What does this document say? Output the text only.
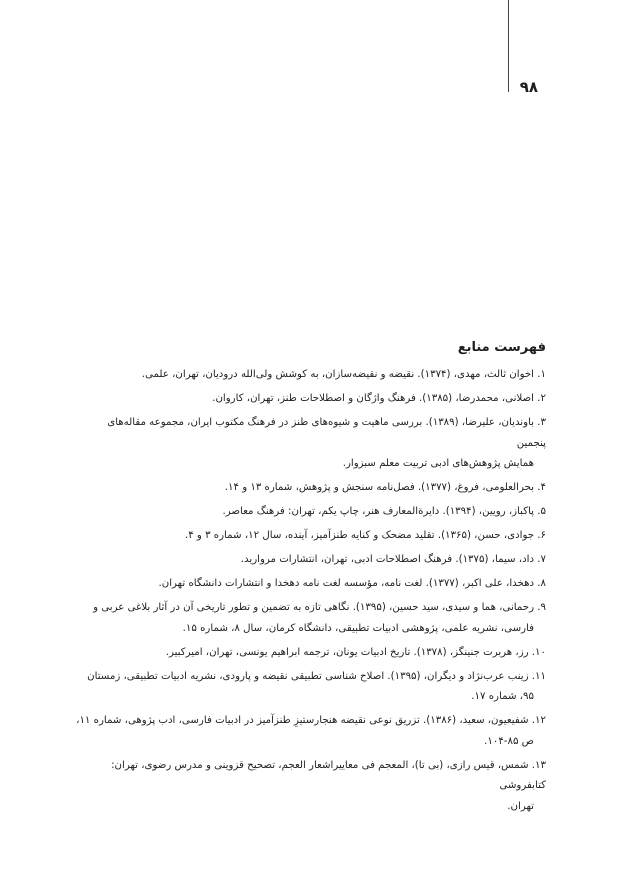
۹۸
فهرست منابع
۱. اخوان ثالث، مهدی، (۱۳۷۴). نقیضه و نقیضه‌سازان، به کوشش ولی‌الله درودیان، تهران، علمی.
۲. اصلانی، محمدرضا، (۱۳۸۵). فرهنگ واژگان و اصطلاحات طنز، تهران، کاروان.
۳. باوندیان، علیرضا، (۱۳۸۹). بررسی ماهیت و شیوه‌های طنز در فرهنگ مکتوب ایران، مجموعه مقاله‌های پنجمین
همایش پژوهش‌های ادبی تربیت معلم سبزوار.
۴. بحرالعلومی، فروغ، (۱۳۷۷). فصل‌نامه سنجش و پژوهش، شماره ۱۳ و ۱۴.
۵. پاکباز، رویین، (۱۳۹۴). دایرةالمعارف هنر، چاپ یکم، تهران: فرهنگ معاصر.
۶. جوادی، حسن، (۱۳۶۵). تقلید مضحک و کنایه طنزآمیز، آینده، سال ۱۲، شماره ۳ و ۴.
۷. داد، سیما، (۱۳۷۵). فرهنگ اصطلاحات ادبی، تهران، انتشارات مروارید.
۸. دهخدا، علی اکبر، (۱۳۷۷). لغت نامه، مؤسسه لغت نامه دهخدا و انتشارات دانشگاه تهران.
۹. رحمانی، هما و سیدی، سید حسین، (۱۳۹۵). نگاهی تازه به تضمین و تطور تاریخی آن در آثار بلاغی عربی و
فارسی، نشریه علمی، پژوهشی ادبیات تطبیقی، دانشگاه کرمان، سال ۸، شماره ۱۵.
۱۰. رز، هربرت جنینگز، (۱۳۷۸). تاریخ ادبیات یونان، ترجمه ابراهیم یونسی، تهران، امیرکبیر.
۱۱. زینب عرب‌نژاد و دیگران، (۱۳۹۵). اصلاح شناسی تطبیقی نقیضه و پارودی، نشریه ادبیات تطبیقی، زمستان
۹۵، شماره ۱۷.
۱۲. شفیعیون، سعید، (۱۳۸۶). تزریق نوعی نقیضه هنجارستیزِ طنزآمیز در ادبیات فارسی، ادب پژوهی، شماره ۱۱،
ص ۸۵-۱۰۴.
۱۳. شمس، قیس رازی، (بی تا)، المعجم فی معاییراشعار العجم، تصحیح قزوینی و مدرس رضوی، تهران: کتابفروشی
تهران.
